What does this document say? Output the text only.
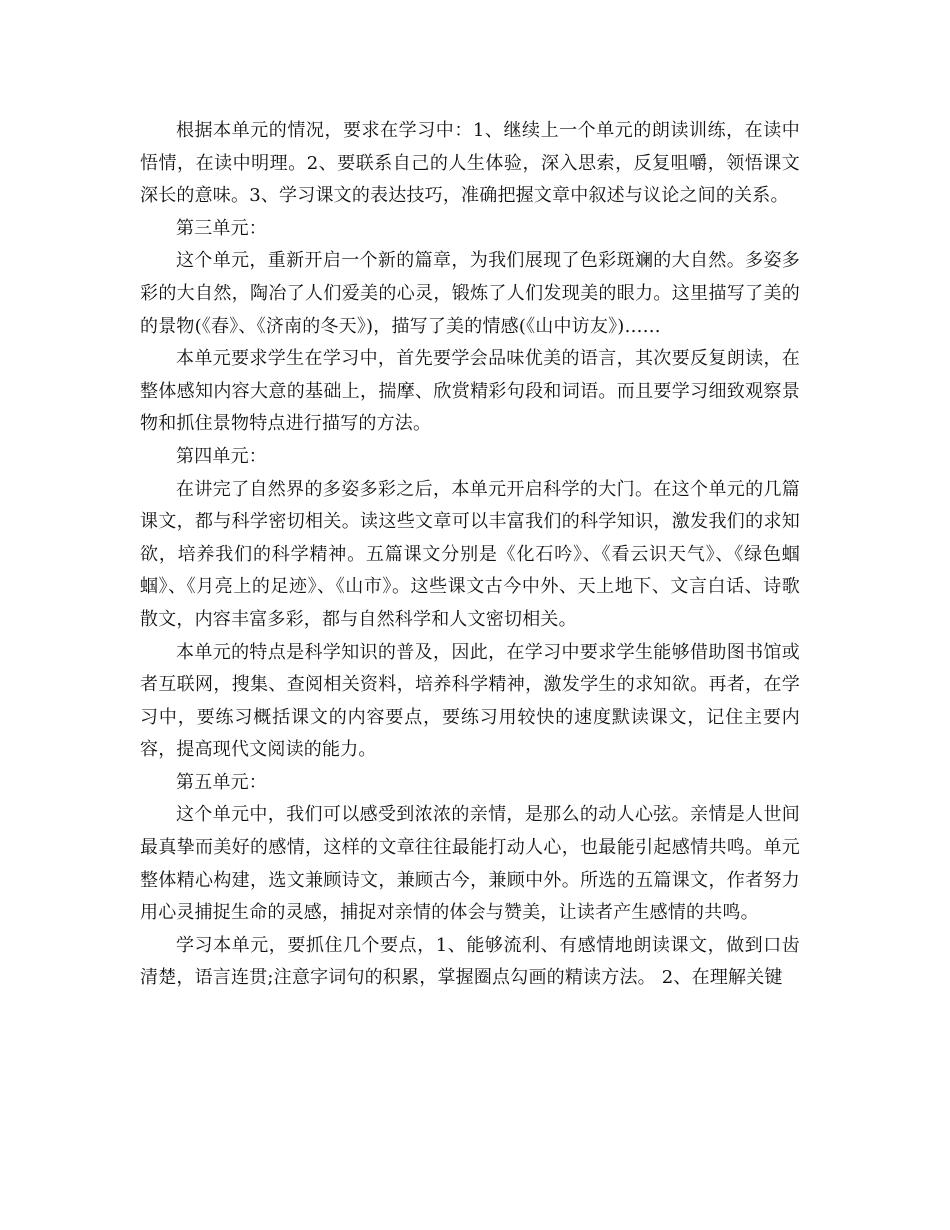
根据本单元的情况，要求在学习中：1、继续上一个单元的朗读训练，在读中悟情，在读中明理。2、要联系自己的人生体验，深入思索，反复咀嚼，领悟课文深长的意味。3、学习课文的表达技巧，准确把握文章中叙述与议论之间的关系。

第三单元：

这个单元，重新开启一个新的篇章，为我们展现了色彩斑斓的大自然。多姿多彩的大自然，陶冶了人们爱美的心灵，锻炼了人们发现美的眼力。这里描写了美的的景物(《春》、《济南的冬天》)，描写了美的情感(《山中访友》)……

本单元要求学生在学习中，首先要学会品味优美的语言，其次要反复朗读，在整体感知内容大意的基础上，揣摩、欣赏精彩句段和词语。而且要学习细致观察景物和抓住景物特点进行描写的方法。

第四单元：

在讲完了自然界的多姿多彩之后，本单元开启科学的大门。在这个单元的几篇课文，都与科学密切相关。读这些文章可以丰富我们的科学知识，激发我们的求知欲，培养我们的科学精神。五篇课文分别是《化石吟》、《看云识天气》、《绿色蝈蝈》、《月亮上的足迹》、《山市》。这些课文古今中外、天上地下、文言白话、诗歌散文，内容丰富多彩，都与自然科学和人文密切相关。

本单元的特点是科学知识的普及，因此，在学习中要求学生能够借助图书馆或者互联网，搜集、查阅相关资料，培养科学精神，激发学生的求知欲。再者，在学习中，要练习概括课文的内容要点，要练习用较快的速度默读课文，记住主要内容，提高现代文阅读的能力。

第五单元：

这个单元中，我们可以感受到浓浓的亲情，是那么的动人心弦。亲情是人世间最真挚而美好的感情，这样的文章往往最能打动人心，也最能引起感情共鸣。单元整体精心构建，选文兼顾诗文，兼顾古今，兼顾中外。所选的五篇课文，作者努力用心灵捕捉生命的灵感，捕捉对亲情的体会与赞美，让读者产生感情的共鸣。

学习本单元，要抓住几个要点，1、能够流利、有感情地朗读课文，做到口齿清楚，语言连贯;注意字词句的积累，掌握圈点勾画的精读方法。 2、在理解关键
